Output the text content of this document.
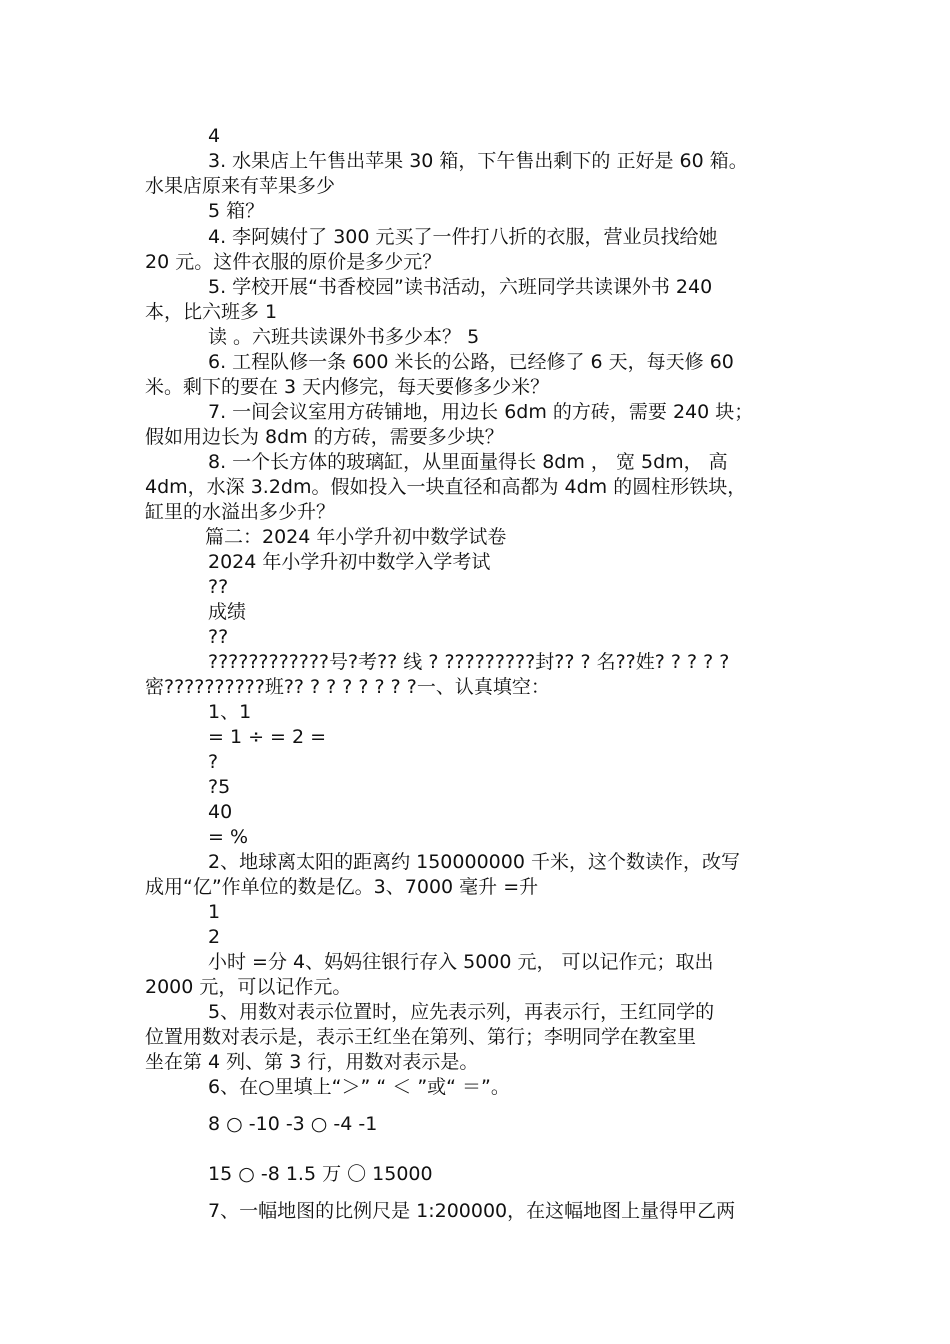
4
3. 水果店上午售出苹果 30 箱，下午售出剩下的 正好是 60 箱。
水果店原来有苹果多少
5 箱？
4. 李阿姨付了 300 元买了一件打八折的衣服，营业员找给她
20 元。这件衣服的原价是多少元？
5. 学校开展“书香校园”读书活动，六班同学共读课外书 240
本，比六班多 1
读 。六班共读课外书多少本？ 5
6. 工程队修一条 600 米长的公路，已经修了 6 天，每天修 60
米。剩下的要在 3 天内修完，每天要修多少米？
7. 一间会议室用方砖铺地，用边长 6dm 的方砖，需要 240 块；
假如用边长为 8dm 的方砖，需要多少块？
8. 一个长方体的玻璃缸，从里面量得长 8dm ， 宽 5dm， 高
4dm，水深 3.2dm。假如投入一块直径和高都为 4dm 的圆柱形铁块，
缸里的水溢出多少升？
篇二：2024 年小学升初中数学试卷
2024 年小学升初中数学入学考试
??
成绩
??
????????????号?考?? 线 ? ?????????封?? ? 名??姓? ? ? ? ?
密??????????班?? ? ? ? ? ? ? ?一、认真填空：
1、1
= 1 ÷ = 2 =
?
?5
40
= %
2、地球离太阳的距离约 150000000 千米，这个数读作，改写
成用“亿”作单位的数是亿。3、7000 毫升 =升
1
2
小时 =分 4、妈妈往银行存入 5000 元， 可以记作元；取出
2000 元，可以记作元。
5、用数对表示位置时，应先表示列，再表示行，王红同学的
位置用数对表示是，表示王红坐在第列、第行；李明同学在教室里
坐在第 4 列、第 3 行，用数对表示是。
6、在○里填上“＞” “ ＜ ”或“ ＝”。
8 ○ -10 -3 ○ -4 -1
15 ○ -8 1.5 万 〇 15000
7、一幅地图的比例尺是 1:200000，在这幅地图上量得甲乙两
